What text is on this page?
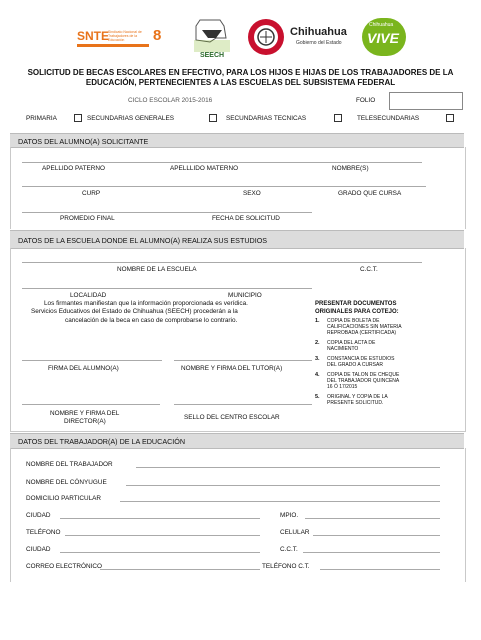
SNTE
Sindicato Nacional de Trabajadores de la Educación	8
SEECH
Chihuahua
Gobierno del Estado
Chihuahua
VIVE
SOLICITUD DE BECAS ESCOLARES EN EFECTIVO, PARA LOS HIJOS E HIJAS DE LOS TRABAJADORES DE LA
EDUCACIÓN, PERTENECIENTES A LAS ESCUELAS DEL SUBSISTEMA FEDERAL
CICLO ESCOLAR 2015-2016	FOLIO
PRIMARIA	SECUNDARIAS GENERALES	SECUNDARIAS TECNICAS	TELESECUNDARIAS
DATOS DEL ALUMNO(A) SOLICITANTE
APELLIDO PATERNO	APELLLIDO MATERNO	NOMBRE(S)
CURP	SEXO	GRADO QUE CURSA
PROMEDIO FINAL	FECHA DE SOLICITUD
DATOS DE LA ESCUELA DONDE EL ALUMNO(A) REALIZA SUS ESTUDIOS
NOMBRE DE LA ESCUELA	C.C.T.
LOCALIDAD	MUNICIPIO
Los firmantes manifiestan que la información proporcionada es verídica.
Servicios Educativos del Estado de Chihuahua (SEECH) procederán a la
cancelación de la beca en caso de comprobarse lo contrario.
FIRMA DEL ALUMNO(A)	NOMBRE Y FIRMA DEL TUTOR(A)
NOMBRE Y FIRMA DEL
DIRECTOR(A)
SELLO DEL CENTRO ESCOLAR
PRESENTAR DOCUMENTOS
ORIGINALES PARA COTEJO:
1. COPIA DE BOLETA DE
CALIFICACIONES SIN MATERIA
REPROBADA (CERTIFICADA)
2. COPIA DEL ACTA DE
NACIMIENTO
3. CONSTANCIA DE ESTUDIOS
DEL GRADO A CURSAR
4. COPIA DE TALON DE CHEQUE
DEL TRABAJADOR QUINCENA
16 Ó 17/2015
5. ORIGINAL Y COPIA DE LA
PRESENTE SOLICITUD.
DATOS DEL TRABAJADOR(A) DE LA EDUCACIÓN
NOMBRE DEL TRABAJADOR
NOMBRE DEL CÓNYUGUE
DOMICILIO PARTICULAR
CIUDAD	MPIO.
TELÉFONO	CELULAR
CIUDAD	C.C.T.
CORREO ELECTRÓNICO	TELÉFONO C.T.
